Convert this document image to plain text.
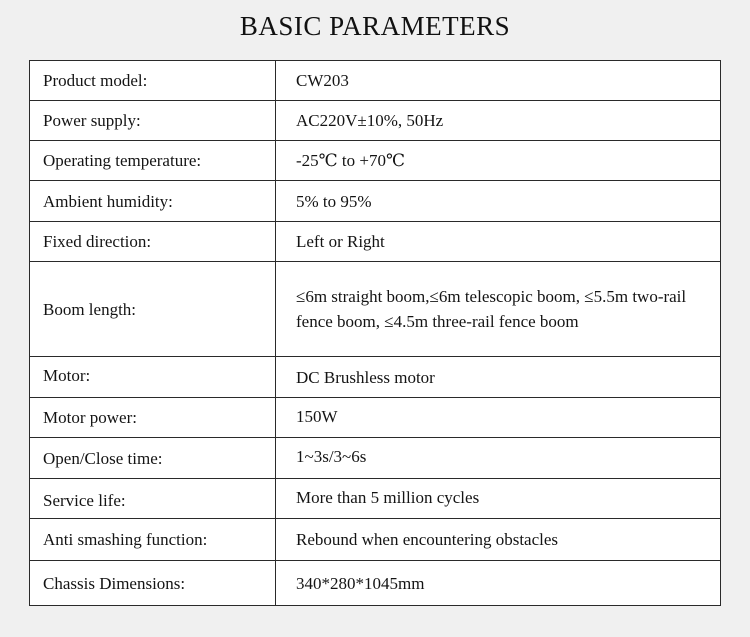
BASIC PARAMETERS
Product model:	CW203
Power supply:	AC220V±10%, 50Hz
Operating temperature:	-25℃ to +70℃
Ambient humidity:	5% to 95%
Fixed direction:	Left or Right
Boom length:	≤6m straight boom,≤6m telescopic boom, ≤5.5m two-rail fence boom, ≤4.5m three-rail fence boom
Motor:	DC Brushless motor
Motor power:	150W
Open/Close time:	1~3s/3~6s
Service life:	More than 5 million cycles
Anti smashing function:	Rebound when encountering obstacles
Chassis Dimensions:	340*280*1045mm
